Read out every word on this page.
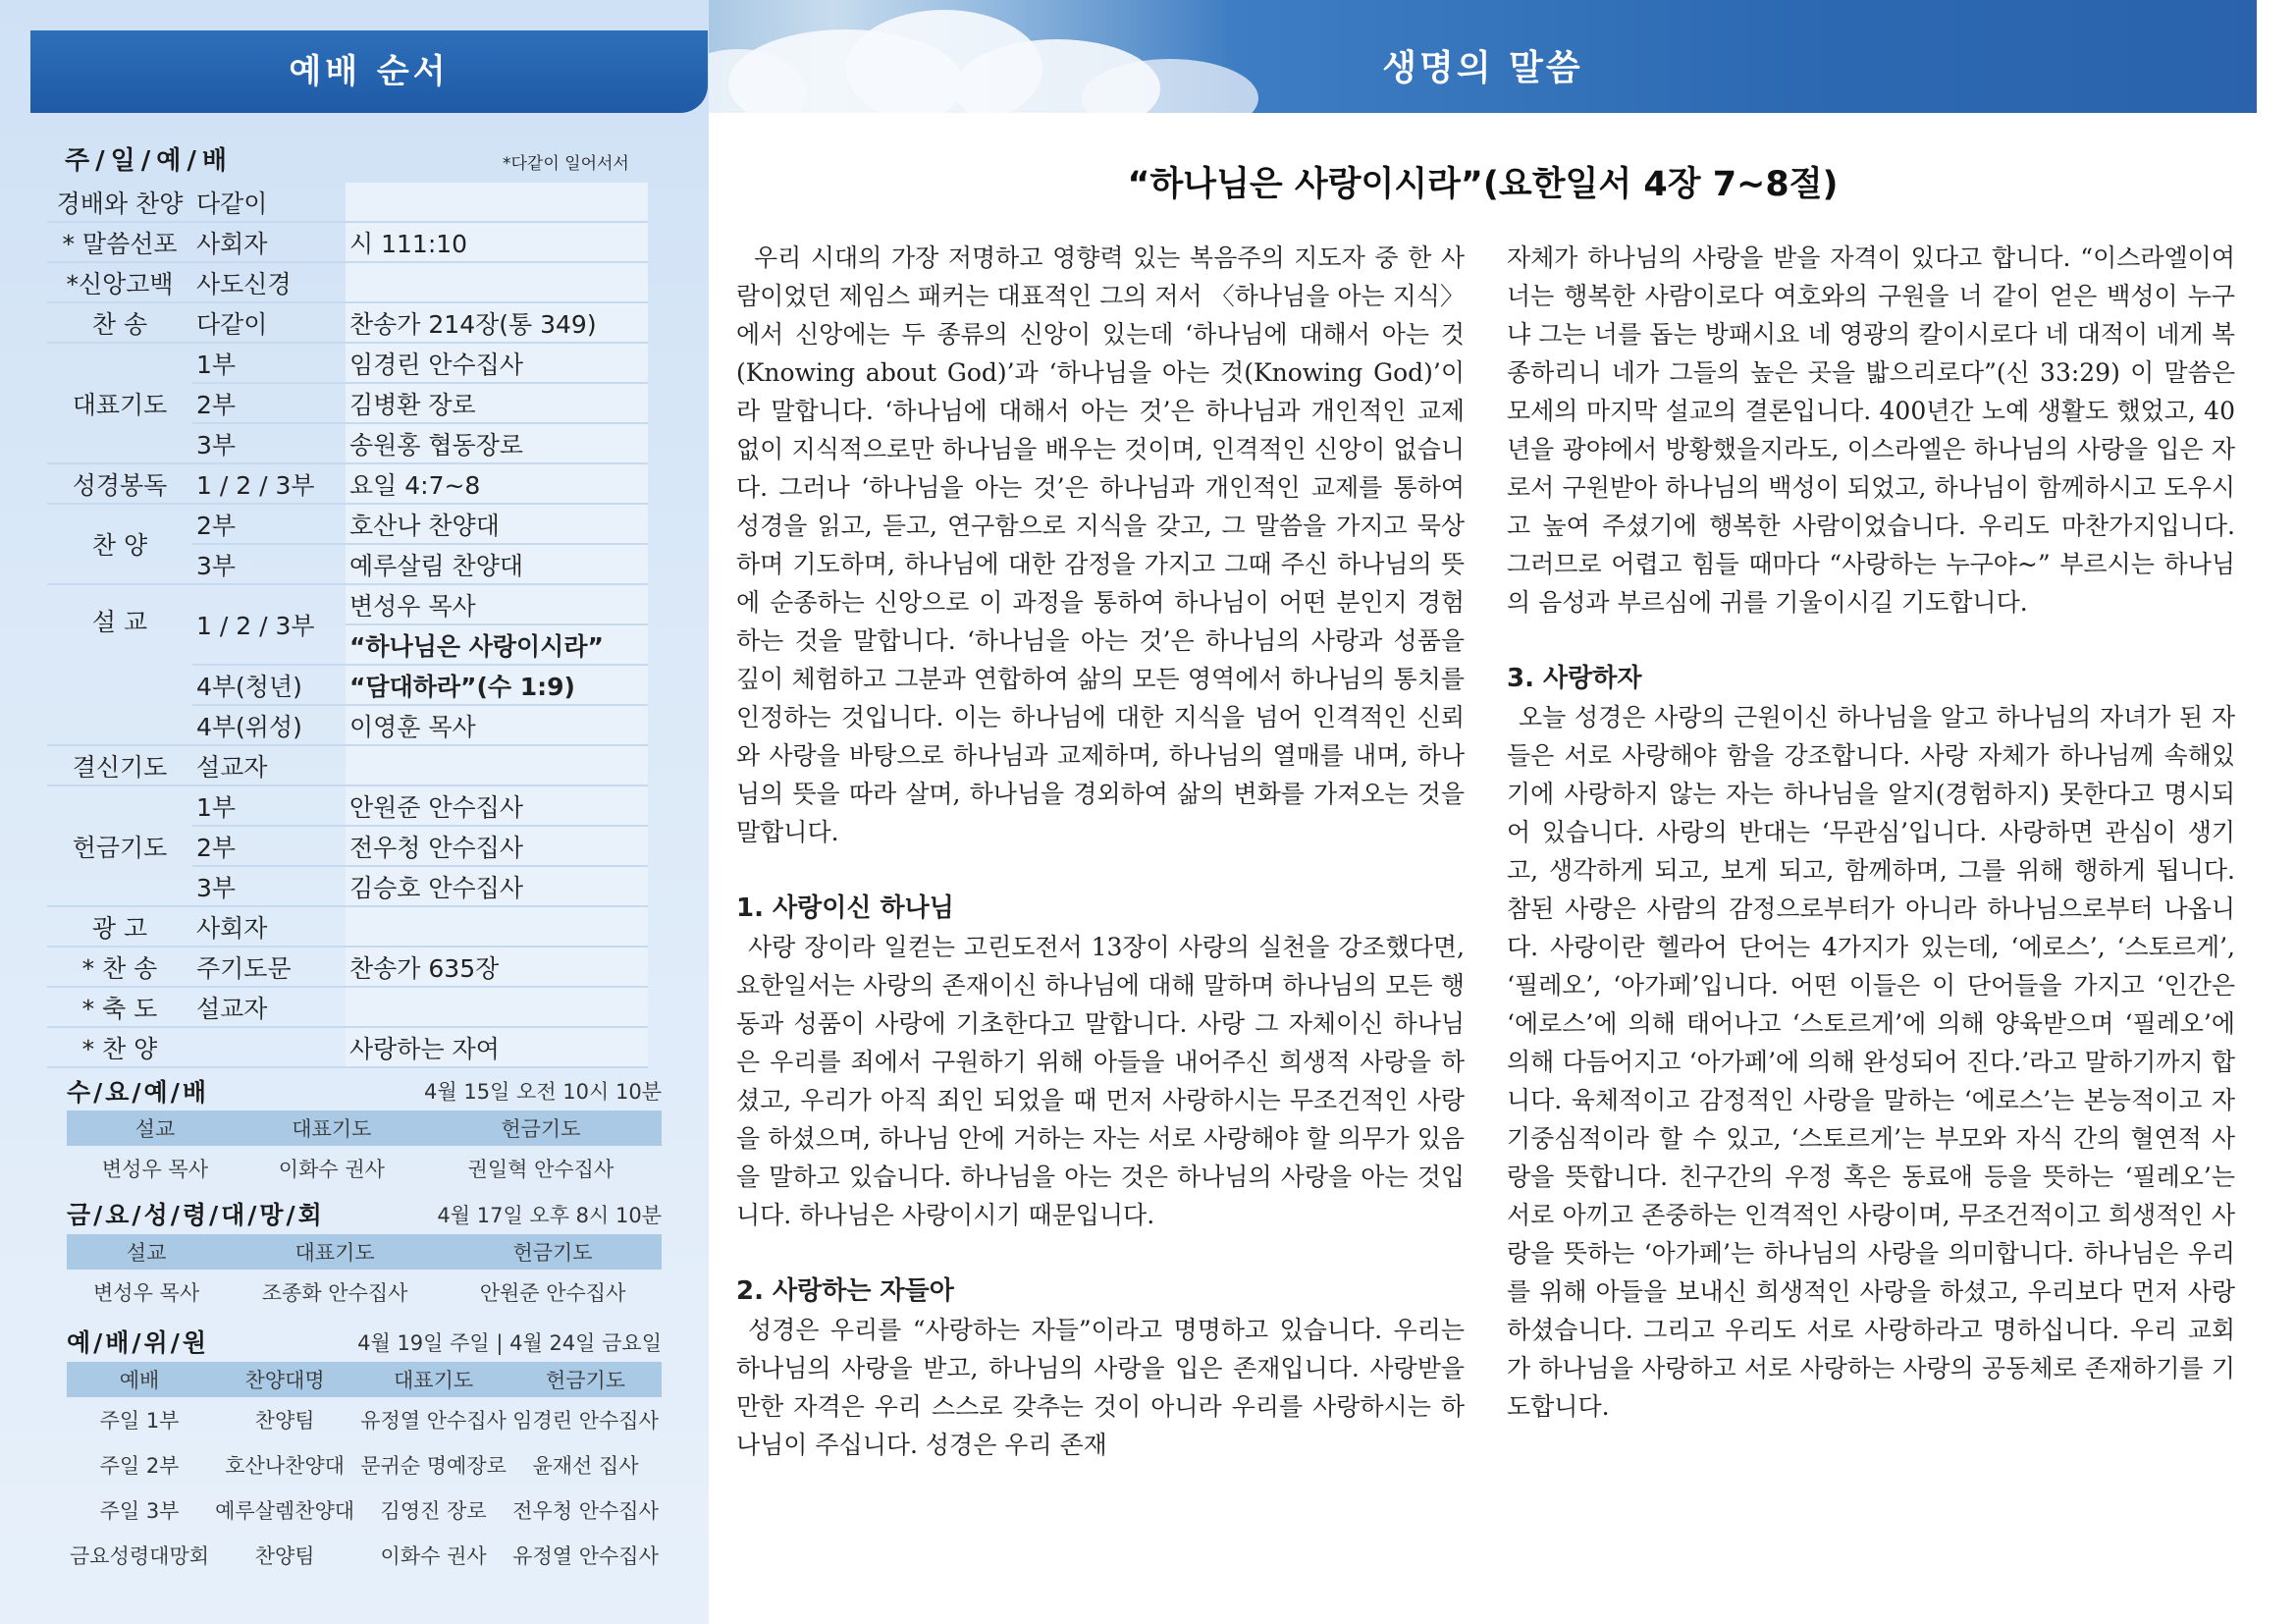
예배 순서
주/일/예/배	*다같이 일어서서
경배와 찬양	다같이	
* 말씀선포	사회자	시 111:10
*신앙고백	사도신경	
찬 송	다같이	찬송가 214장(통 349)
대표기도	1부	임경린 안수집사
	2부	김병환 장로
	3부	송원홍 협동장로
성경봉독	1 / 2 / 3부	요일 4:7~8
찬 양	2부	호산나 찬양대
	3부	예루살림 찬양대
설 교	1 / 2 / 3부	변성우 목사
		“하나님은 사랑이시라”
	4부(청년)	“담대하라”(수 1:9)
	4부(위성)	이영훈 목사
결신기도	설교자	
헌금기도	1부	안원준 안수집사
	2부	전우청 안수집사
	3부	김승호 안수집사
광 고	사회자	
* 찬 송	주기도문	찬송가 635장
* 축 도	설교자	
* 찬 양		사랑하는 자여
수/요/예/배	4월 15일 오전 10시 10분
설교	대표기도	헌금기도
변성우 목사	이화수 권사	권일혁 안수집사
금/요/성/령/대/망/회	4월 17일 오후 8시 10분
설교	대표기도	헌금기도
변성우 목사	조종화 안수집사	안원준 안수집사
예/배/위/원	4월 19일 주일 | 4월 24일 금요일
예배	찬양대명	대표기도	헌금기도
주일 1부	찬양팀	유정열 안수집사	임경린 안수집사
주일 2부	호산나찬양대	문귀순 명예장로	윤재선 집사
주일 3부	예루살렘찬양대	김영진 장로	전우청 안수집사
금요성령대망회	찬양팀	이화수 권사	유정열 안수집사
생명의 말씀
“하나님은 사랑이시라”(요한일서 4장 7~8절)

우리 시대의 가장 저명하고 영향력 있는 복음주의 지도자 중 한 사람이었던 제임스 패커는 대표적인 그의 저서 〈하나님을 아는 지식〉에서 신앙에는 두 종류의 신앙이 있는데 ‘하나님에 대해서 아는 것(Knowing about God)’과 ‘하나님을 아는 것(Knowing God)’이라 말합니다. ‘하나님에 대해서 아는 것’은 하나님과 개인적인 교제 없이 지식적으로만 하나님을 배우는 것이며, 인격적인 신앙이 없습니다. 그러나 ‘하나님을 아는 것’은 하나님과 개인적인 교제를 통하여 성경을 읽고, 듣고, 연구함으로 지식을 갖고, 그 말씀을 가지고 묵상하며 기도하며, 하나님에 대한 감정을 가지고 그때 주신 하나님의 뜻에 순종하는 신앙으로 이 과정을 통하여 하나님이 어떤 분인지 경험하는 것을 말합니다. ‘하나님을 아는 것’은 하나님의 사랑과 성품을 깊이 체험하고 그분과 연합하여 삶의 모든 영역에서 하나님의 통치를 인정하는 것입니다. 이는 하나님에 대한 지식을 넘어 인격적인 신뢰와 사랑을 바탕으로 하나님과 교제하며, 하나님의 열매를 내며, 하나님의 뜻을 따라 살며, 하나님을 경외하여 삶의 변화를 가져오는 것을 말합니다.

1. 사랑이신 하나님

사랑 장이라 일컫는 고린도전서 13장이 사랑의 실천을 강조했다면, 요한일서는 사랑의 존재이신 하나님에 대해 말하며 하나님의 모든 행동과 성품이 사랑에 기초한다고 말합니다. 사랑 그 자체이신 하나님은 우리를 죄에서 구원하기 위해 아들을 내어주신 희생적 사랑을 하셨고, 우리가 아직 죄인 되었을 때 먼저 사랑하시는 무조건적인 사랑을 하셨으며, 하나님 안에 거하는 자는 서로 사랑해야 할 의무가 있음을 말하고 있습니다. 하나님을 아는 것은 하나님의 사랑을 아는 것입니다. 하나님은 사랑이시기 때문입니다.

2. 사랑하는 자들아

성경은 우리를 “사랑하는 자들”이라고 명명하고 있습니다. 우리는 하나님의 사랑을 받고, 하나님의 사랑을 입은 존재입니다. 사랑받을 만한 자격은 우리 스스로 갖추는 것이 아니라 우리를 사랑하시는 하나님이 주십니다. 성경은 우리 존재

자체가 하나님의 사랑을 받을 자격이 있다고 합니다. “이스라엘이여 너는 행복한 사람이로다 여호와의 구원을 너 같이 얻은 백성이 누구냐 그는 너를 돕는 방패시요 네 영광의 칼이시로다 네 대적이 네게 복종하리니 네가 그들의 높은 곳을 밟으리로다”(신 33:29) 이 말씀은 모세의 마지막 설교의 결론입니다. 400년간 노예 생활도 했었고, 40년을 광야에서 방황했을지라도, 이스라엘은 하나님의 사랑을 입은 자로서 구원받아 하나님의 백성이 되었고, 하나님이 함께하시고 도우시고 높여 주셨기에 행복한 사람이었습니다. 우리도 마찬가지입니다. 그러므로 어렵고 힘들 때마다 “사랑하는 누구야~” 부르시는 하나님의 음성과 부르심에 귀를 기울이시길 기도합니다.

3. 사랑하자

오늘 성경은 사랑의 근원이신 하나님을 알고 하나님의 자녀가 된 자들은 서로 사랑해야 함을 강조합니다. 사랑 자체가 하나님께 속해있기에 사랑하지 않는 자는 하나님을 알지(경험하지) 못한다고 명시되어 있습니다. 사랑의 반대는 ‘무관심’입니다. 사랑하면 관심이 생기고, 생각하게 되고, 보게 되고, 함께하며, 그를 위해 행하게 됩니다. 참된 사랑은 사람의 감정으로부터가 아니라 하나님으로부터 나옵니다. 사랑이란 헬라어 단어는 4가지가 있는데, ‘에로스’, ‘스토르게’, ‘필레오’, ‘아가페’입니다. 어떤 이들은 이 단어들을 가지고 ‘인간은 ‘에로스’에 의해 태어나고 ‘스토르게’에 의해 양육받으며 ‘필레오’에 의해 다듬어지고 ‘아가페’에 의해 완성되어 진다.’라고 말하기까지 합니다. 육체적이고 감정적인 사랑을 말하는 ‘에로스’는 본능적이고 자기중심적이라 할 수 있고, ‘스토르게’는 부모와 자식 간의 혈연적 사랑을 뜻합니다. 친구간의 우정 혹은 동료애 등을 뜻하는 ‘필레오’는 서로 아끼고 존중하는 인격적인 사랑이며, 무조건적이고 희생적인 사랑을 뜻하는 ‘아가페’는 하나님의 사랑을 의미합니다. 하나님은 우리를 위해 아들을 보내신 희생적인 사랑을 하셨고, 우리보다 먼저 사랑하셨습니다. 그리고 우리도 서로 사랑하라고 명하십니다. 우리 교회가 하나님을 사랑하고 서로 사랑하는 사랑의 공동체로 존재하기를 기도합니다.
